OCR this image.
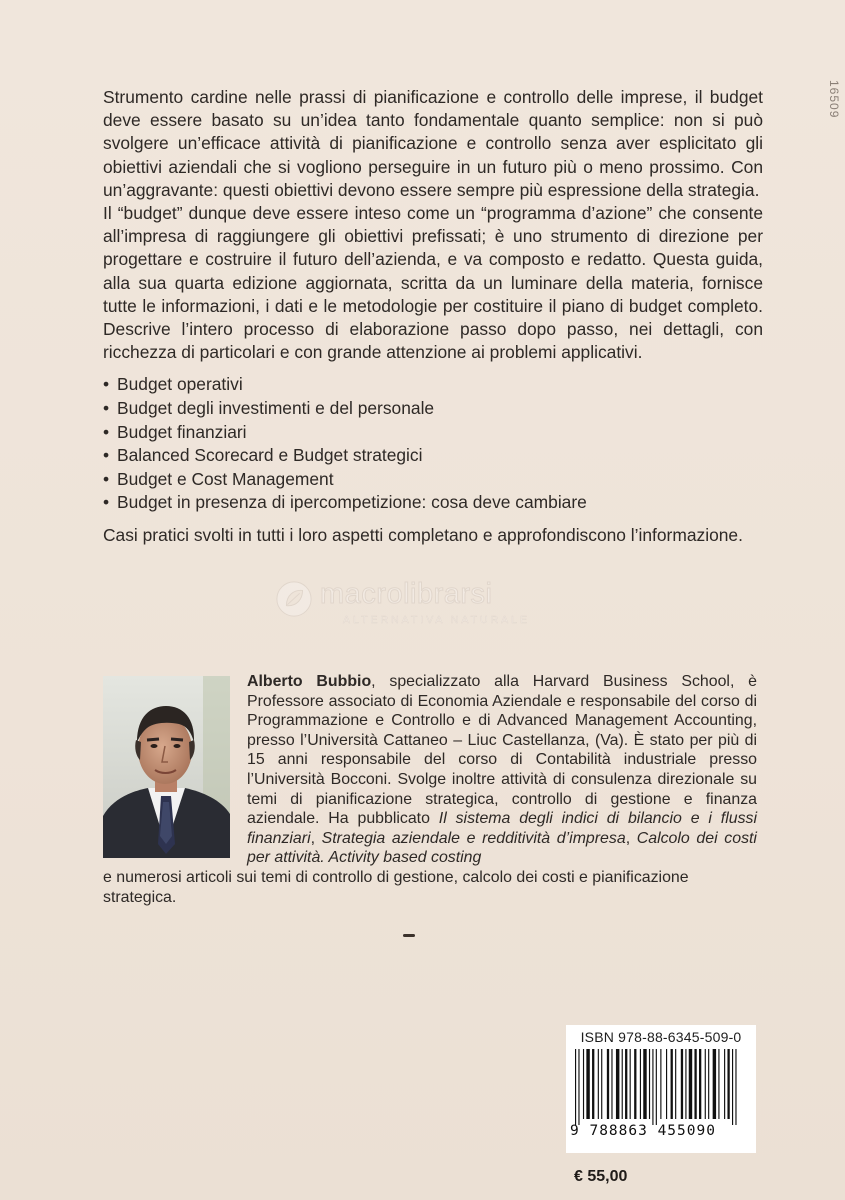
16509

Strumento cardine nelle prassi di pianificazione e controllo delle imprese, il budget deve essere basato su un’idea tanto fondamentale quanto semplice: non si può svolgere un’efficace attività di pianificazione e controllo senza aver esplicitato gli obiettivi aziendali che si vogliono perseguire in un futuro più o meno prossimo. Con un’aggravante: questi obiettivi devono essere sempre più espressione della strategia.

Il “budget” dunque deve essere inteso come un “programma d’azione” che consente all’impresa di raggiungere gli obiettivi prefissati; è uno strumento di direzione per progettare e costruire il futuro dell’azienda, e va composto e redatto. Questa guida, alla sua quarta edizione aggiornata, scritta da un luminare della materia, fornisce tutte le informazioni, i dati e le metodologie per costituire il piano di budget completo. Descrive l’intero processo di elaborazione passo dopo passo, nei dettagli, con ricchezza di particolari e con grande attenzione ai problemi applicativi.

• Budget operativi
• Budget degli investimenti e del personale
• Budget finanziari
• Balanced Scorecard e Budget strategici
• Budget e Cost Management
• Budget in presenza di ipercompetizione: cosa deve cambiare

Casi pratici svolti in tutti i loro aspetti completano e approfondiscono l’informazione.

macrolibrarsi
ALTERNATIVA NATURALE
Alberto Bubbio, specializzato alla Harvard Business School, è Professore associato di Economia Aziendale e responsabile del corso di Programmazione e Controllo e di Advanced Management Accounting, presso l’Università Cattaneo – Liuc Castellanza, (Va). È stato per più di 15 anni responsabile del corso di Contabilità industriale presso l’Università Bocconi. Svolge inoltre attività di consulenza direzionale su temi di pianificazione strategica, controllo di gestione e finanza aziendale. Ha pubblicato Il sistema degli indici di bilancio e i flussi finanziari, Strategia aziendale e redditività d’impresa, Calcolo dei costi per attività. Activity based costing
e numerosi articoli sui temi di controllo di gestione, calcolo dei costi e pianificazione strategica.
ISBN 978-88-6345-509-0
9 788863 455090
€ 55,00
